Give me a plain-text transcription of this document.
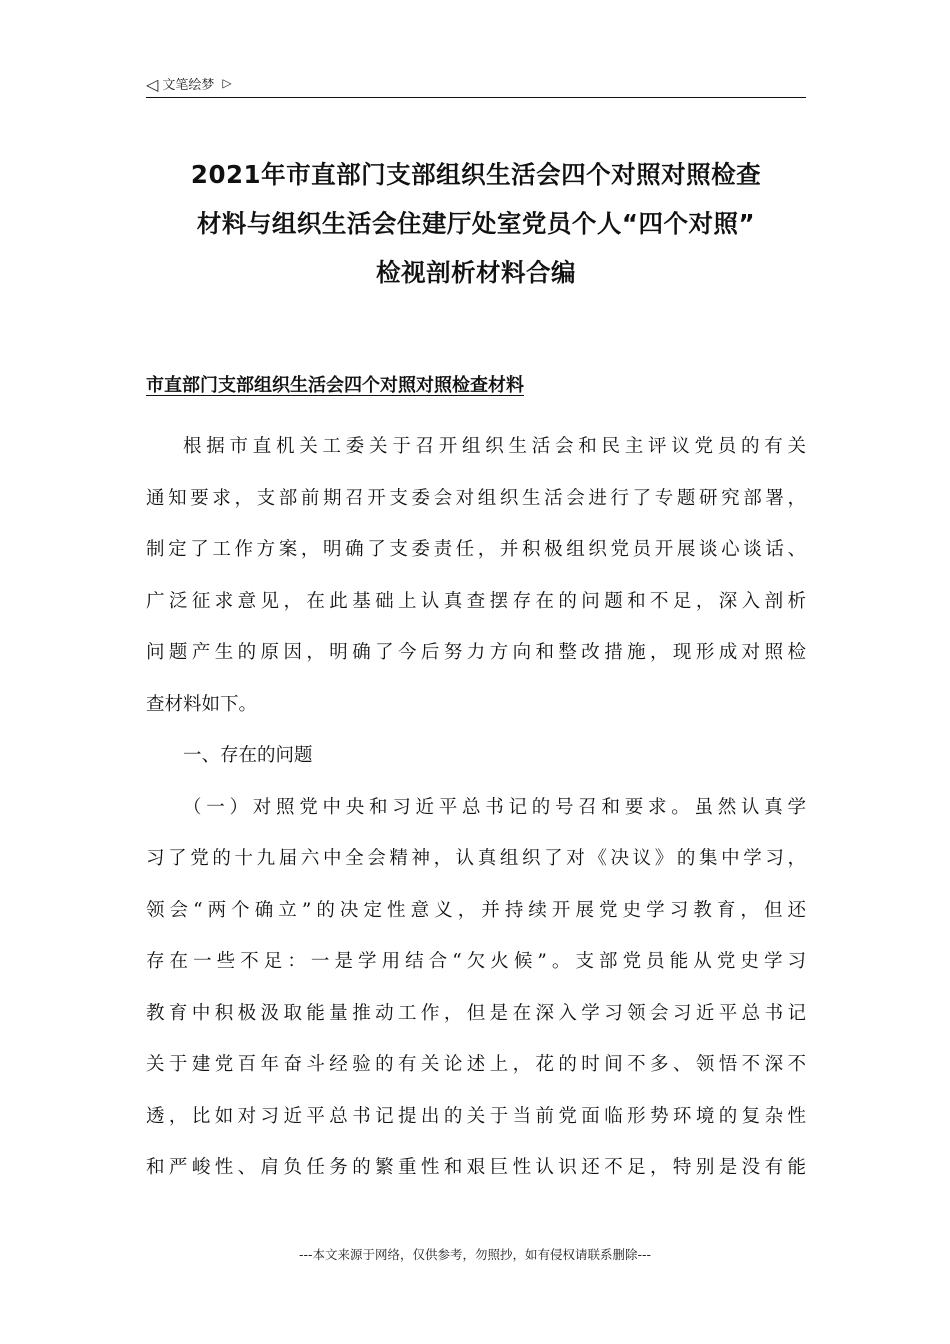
◁ 文笔绘梦 ▷
2021年市直部门支部组织生活会四个对照对照检查
材料与组织生活会住建厅处室党员个人“四个对照”
检视剖析材料合编
市直部门支部组织生活会四个对照对照检查材料
根据市直机关工委关于召开组织生活会和民主评议党员的有关
通知要求，支部前期召开支委会对组织生活会进行了专题研究部署，
制定了工作方案，明确了支委责任，并积极组织党员开展谈心谈话、
广泛征求意见，在此基础上认真查摆存在的问题和不足，深入剖析
问题产生的原因，明确了今后努力方向和整改措施，现形成对照检
查材料如下。
一、存在的问题
（一）对照党中央和习近平总书记的号召和要求。虽然认真学
习了党的十九届六中全会精神，认真组织了对《决议》的集中学习，
领会“两个确立”的决定性意义，并持续开展党史学习教育，但还
存在一些不足：一是学用结合“欠火候”。支部党员能从党史学习
教育中积极汲取能量推动工作，但是在深入学习领会习近平总书记
关于建党百年奋斗经验的有关论述上，花的时间不多、领悟不深不
透，比如对习近平总书记提出的关于当前党面临形势环境的复杂性
和严峻性、肩负任务的繁重性和艰巨性认识还不足，特别是没有能
---本文来源于网络，仅供参考，勿照抄，如有侵权请联系删除---
